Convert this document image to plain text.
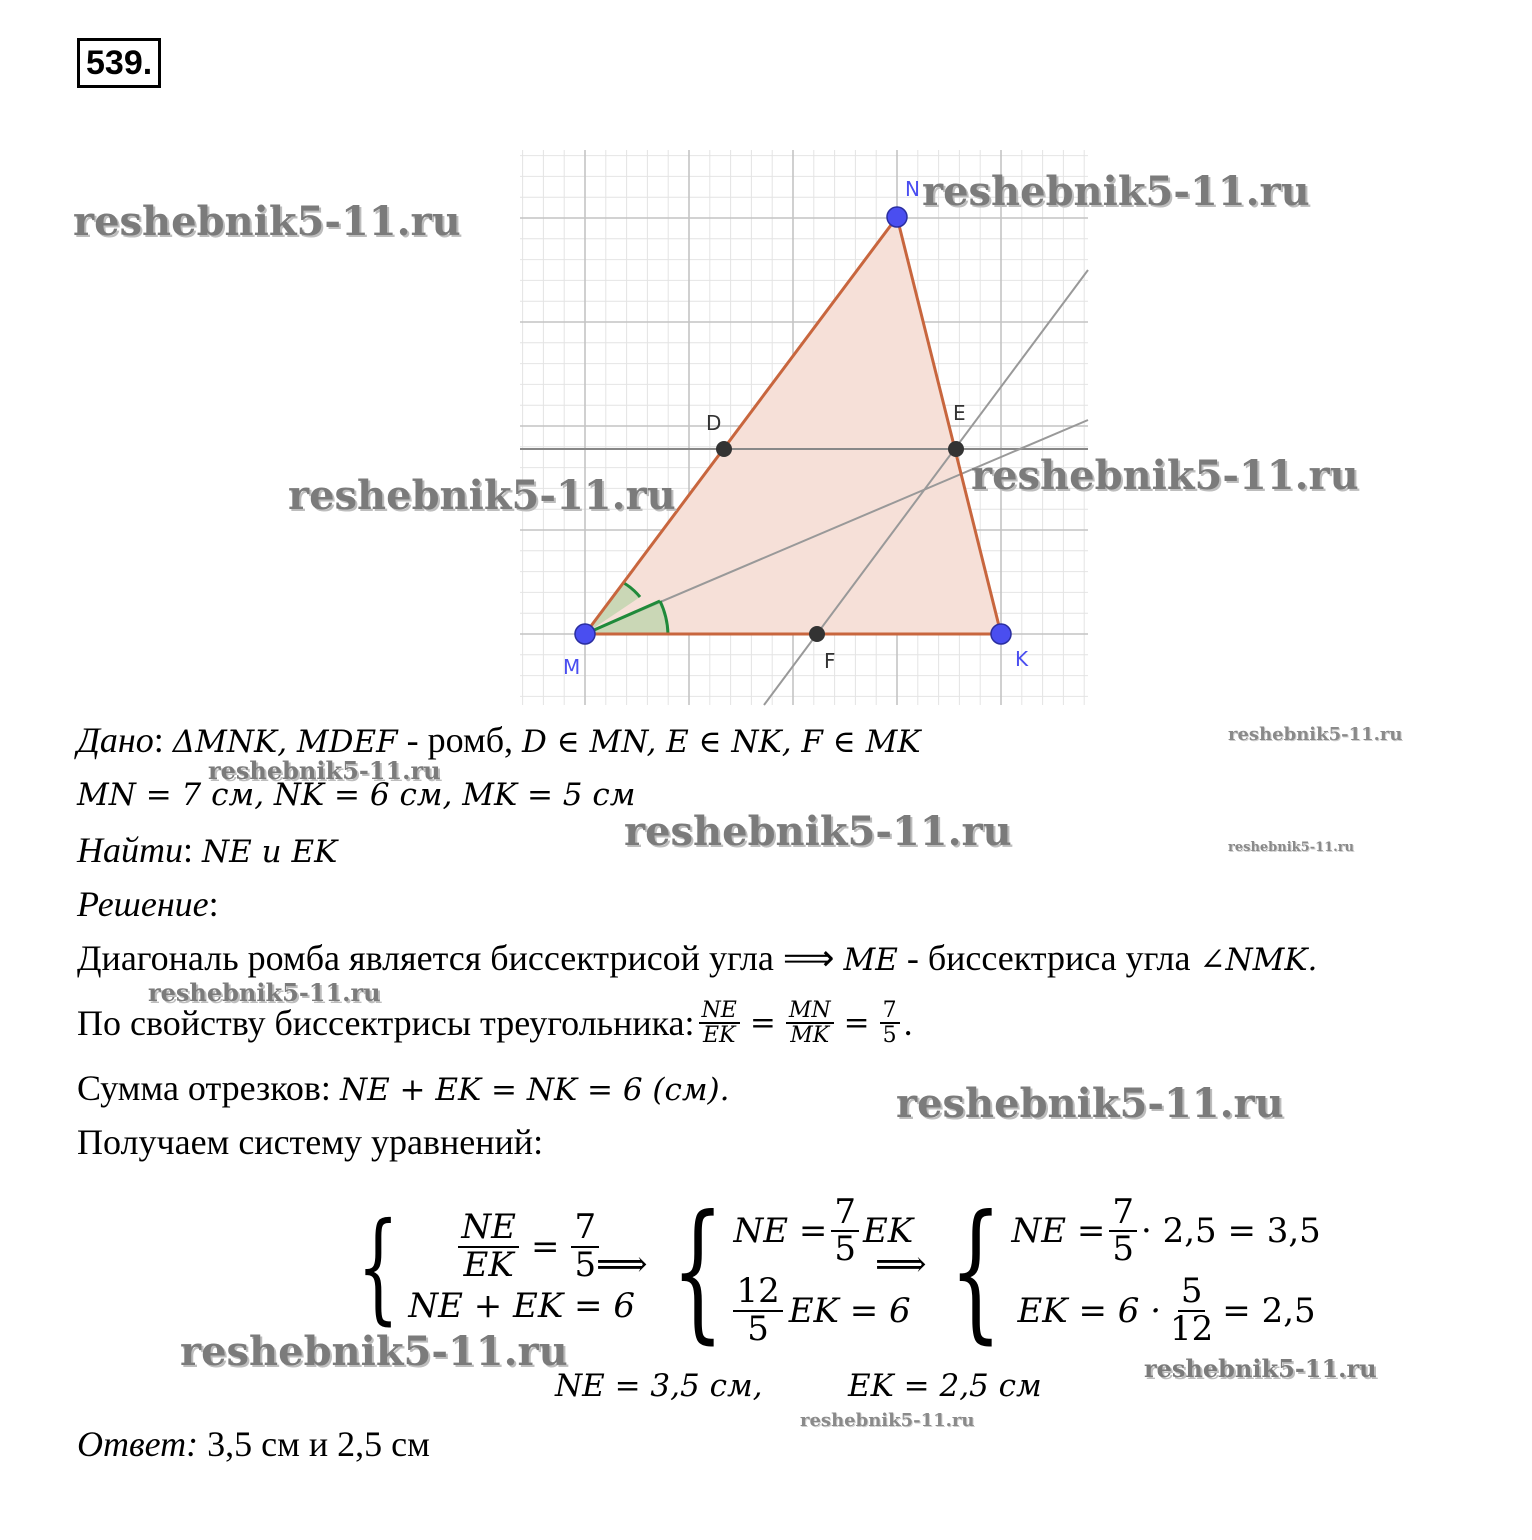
539.
N
D	E
M	F	K
reshebnik5-11.ru
reshebnik5-11.ru
reshebnik5-11.ru	reshebnik5-11.ru
Дано: ΔMNK, MDEF - ромб, D ∈ MN, E ∈ NK, F ∈ MK	reshebnik5-11.ru
reshebnik5-11.ru
MN = 7 см, NK = 6 см, MK = 5 см
reshebnik5-11.ru	reshebnik5-11.ru
Найти: NE и EK
Решение:
Диагональ ромба является биссектрисой угла ⟹ ME - биссектриса угла ∠NMK.
reshebnik5-11.ru
По свойству биссектрисы треугольника: $\frac{NE}{EK} = \frac{MN}{MK} = \frac{7}{5}$ .
Сумма отрезков: NE + EK = NK = 6 (см).	reshebnik5-11.ru
Получаем систему уравнений:
{ $\frac{NE}{EK} = \frac{7}{5}$
NE + EK = 6
⟹ { NE = $\frac{7}{5}$ EK
$\frac{12}{5}$ EK = 6
⟹ { NE = $\frac{7}{5} \cdot 2,5 = 3,5$
EK = $6 \cdot \frac{5}{12} = 2,5$
reshebnik5-11.ru	reshebnik5-11.ru
NE = 3,5 см,	EK = 2,5 см
reshebnik5-11.ru
Ответ: 3,5 см и 2,5 см
